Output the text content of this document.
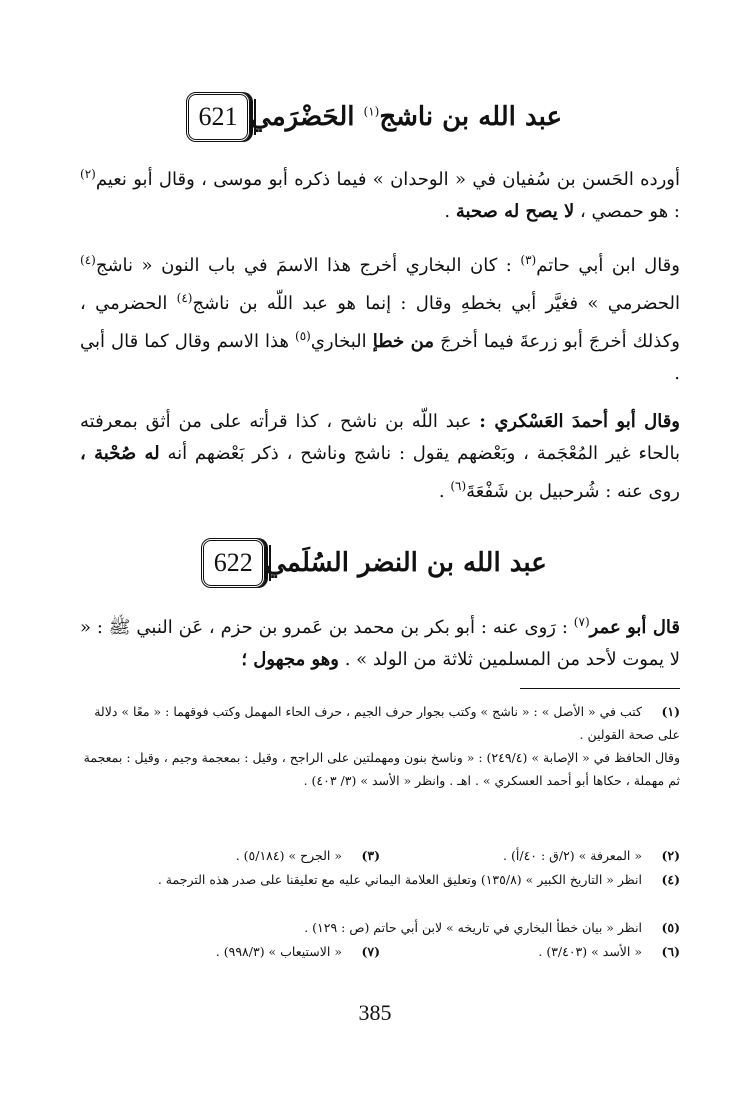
621	عبد الله بن ناشج$^{(١)}$ الحَضْرَمي
أورده الحَسن بن سُفيان في « الوحدان » فيما ذكره أبو موسى ، وقال أبو نعيم$^{(٢)}$ : هو حمصي ، لا يصح له صحبة .
وقال ابن أبي حاتم$^{(٣)}$ : كان البخاري أخرج هذا الاسمَ في باب النون « ناشج$^{(٤)}$ الحضرمي » فغيَّر أبي بخطهِ وقال : إنما هو عبد اللّه بن ناشج$^{(٤)}$ الحضرمي ، وكذلك أخرجَ أبو زرعةَ فيما أخرجَ من خطإ البخاري$^{(٥)}$ هذا الاسم وقال كما قال أبي .
وقال أبو أحمدَ العَسْكري : عبد اللّه بن ناشح ، كذا قرأته على من أثق بمعرفته بالحاء غير المُعْجَمة ، وبَعْضهم يقول : ناشج وناشح ، ذكر بَعْضهم أنه له صُحْبة ، روى عنه : شُرحبيل بن شَفْعَةَ$^{(٦)}$ .
622 عبد الله بن النضر السُلَمي
قال أبو عمر$^{(٧)}$ : رَوى عنه : أبو بكر بن محمد بن عَمرو بن حزم ، عَن النبي ﷺ : « لا يموت لأحد من المسلمين ثلاثة من الولد » . وهو مجهول ؛
(١) كتب في « الأصل » : « ناشج » وكتب بجوار حرف الجيم ، حرف الحاء المهمل وكتب فوقهما : « معًا » دلالة على صحة القولين .
وقال الحافظ في « الإصابة » (٢٤٩/٤) : « وناسخ بنون ومهملتين على الراجح ، وقيل : بمعجمة وجيم ، وقيل : بمعجمة ثم مهملة ، حكاها أبو أحمد العسكري » . اهـ . وانظر « الأسد » (٣/ ٤٠٣) .
(٢) « المعرفة » (٢/ق : ٤٠/أ) .
(٣) « الجرح » (٥/١٨٤) .
(٤) انظر « التاريخ الكبير » (١٣٥/٨) وتعليق العلامة اليماني عليه مع تعليقنا على صدر هذه الترجمة .
(٥) انظر « بيان خطأ البخاري في تاريخه » لابن أبي حاتم (ص : ١٢٩) .
(٦) « الأسد » (٣/٤٠٣) .
(٧) « الاستيعاب » (٩٩٨/٣) .
385
